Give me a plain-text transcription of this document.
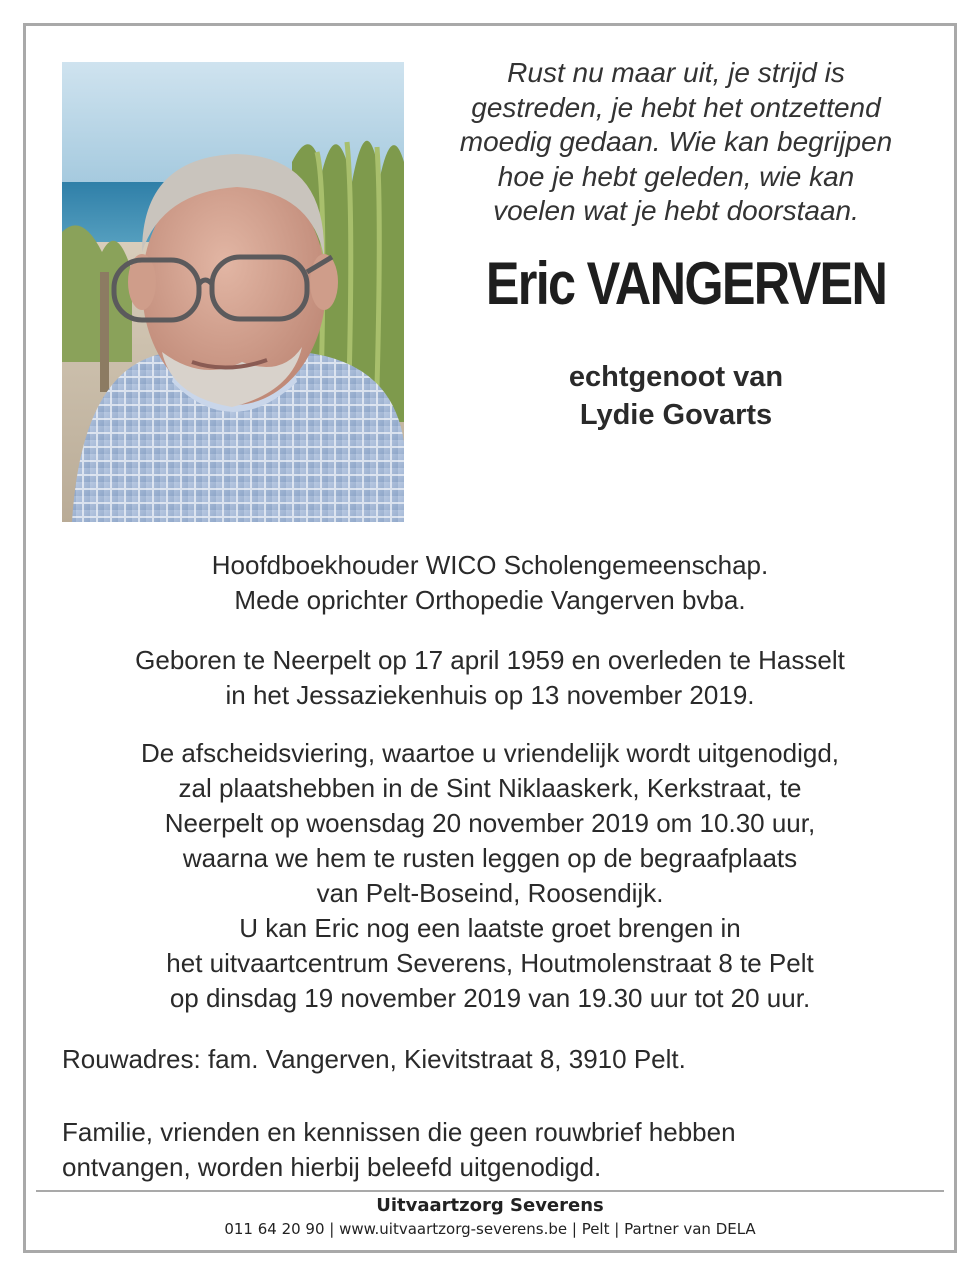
Rust nu maar uit, je strijd is
gestreden, je hebt het ontzettend
moedig gedaan. Wie kan begrijpen
hoe je hebt geleden, wie kan
voelen wat je hebt doorstaan.
Eric VANGERVEN
echtgenoot van
Lydie Govarts
Hoofdboekhouder WICO Scholengemeenschap.
Mede oprichter Orthopedie Vangerven bvba.
Geboren te Neerpelt op 17 april 1959 en overleden te Hasselt
in het Jessaziekenhuis op 13 november 2019.
De afscheidsviering, waartoe u vriendelijk wordt uitgenodigd,
zal plaatshebben in de Sint Niklaaskerk, Kerkstraat, te
Neerpelt op woensdag 20 november 2019 om 10.30 uur,
waarna we hem te rusten leggen op de begraafplaats
van Pelt-Boseind, Roosendijk.
U kan Eric nog een laatste groet brengen in
het uitvaartcentrum Severens, Houtmolenstraat 8 te Pelt
op dinsdag 19 november 2019 van 19.30 uur tot 20 uur.
Rouwadres: fam. Vangerven, Kievitstraat 8, 3910 Pelt.
Familie, vrienden en kennissen die geen rouwbrief hebben
ontvangen, worden hierbij beleefd uitgenodigd.
Uitvaartzorg Severens
011 64 20 90 | www.uitvaartzorg-severens.be | Pelt | Partner van DELA
